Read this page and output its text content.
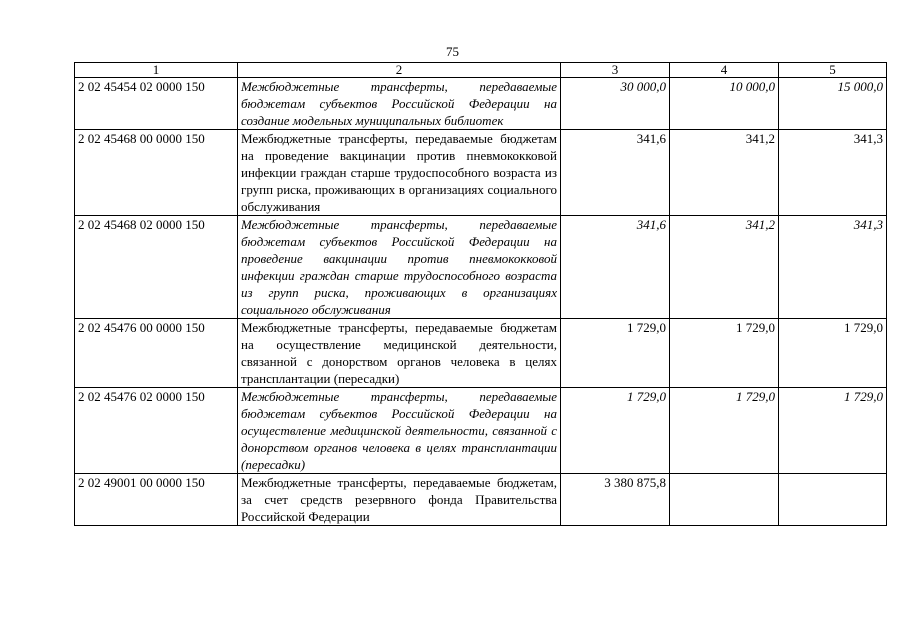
75
1	2	3	4	5
2 02 45454 02 0000 150	Межбюджетные трансферты, передаваемые бюджетам субъектов Российской Федерации на создание модельных муниципальных библиотек	30 000,0	10 000,0	15 000,0
2 02 45468 00 0000 150	Межбюджетные трансферты, передаваемые бюджетам на проведение вакцинации против пневмококковой инфекции граждан старше трудоспособного возраста из групп риска, проживающих в организациях социального обслуживания	341,6	341,2	341,3
2 02 45468 02 0000 150	Межбюджетные трансферты, передаваемые бюджетам субъектов Российской Федерации на проведение вакцинации против пневмококковой инфекции граждан старше трудоспособного возраста из групп риска, проживающих в организациях социального обслуживания	341,6	341,2	341,3
2 02 45476 00 0000 150	Межбюджетные трансферты, передаваемые бюджетам на осуществление медицинской деятельности, связанной с донорством органов человека в целях трансплантации (пересадки)	1 729,0	1 729,0	1 729,0
2 02 45476 02 0000 150	Межбюджетные трансферты, передаваемые бюджетам субъектов Российской Федерации на осуществление медицинской деятельности, связанной с донорством органов человека в целях трансплантации (пересадки)	1 729,0	1 729,0	1 729,0
2 02 49001 00 0000 150	Межбюджетные трансферты, передаваемые бюджетам, за счет средств резервного фонда Правительства Российской Федерации	3 380 875,8		
